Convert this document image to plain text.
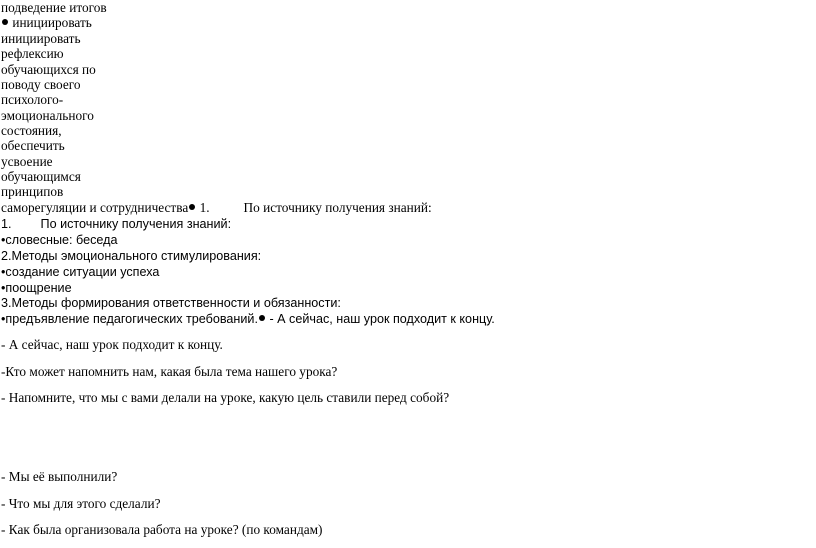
подведение итогов
инициировать
инициировать
рефлексию
обучающихся по
поводу своего
психолого-
эмоционального
состояния,
обеспечить
усвоение
обучающимся
принципов
саморегуляции и сотрудничества 1.	По источнику получения знаний:
1. По источнику получения знаний:
•словесные: беседа
2.Методы эмоционального стимулирования:
•создание ситуации успеха
•поощрение
3.Методы формирования ответственности и обязанности:
•предъявление педагогических требований. - А сейчас, наш урок подходит к концу.
- А сейчас, наш урок подходит к концу.
-Кто может напомнить нам, какая была тема нашего урока?
- Напомните, что мы с вами делали на уроке, какую цель ставили перед собой?
- Мы её выполнили?
- Что мы для этого сделали?
- Как была организовала работа на уроке? (по командам)
